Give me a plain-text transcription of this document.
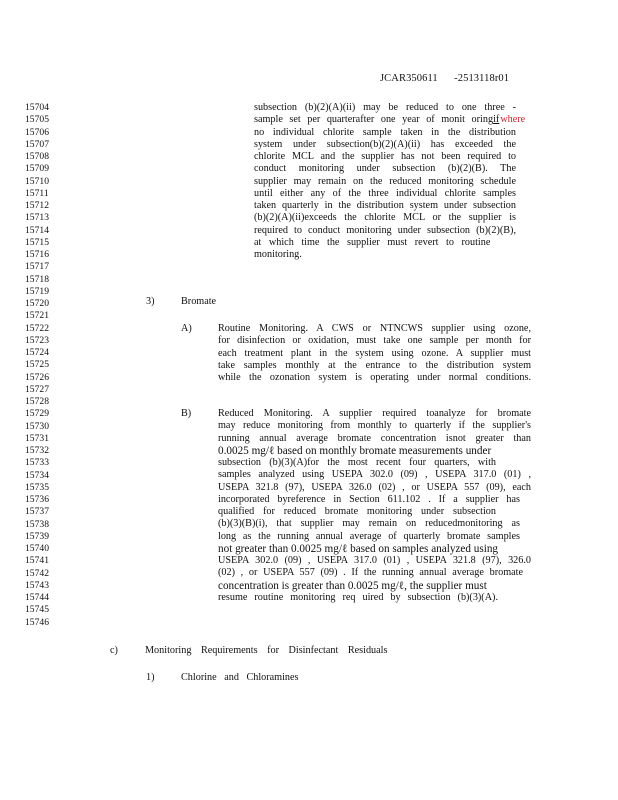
JCAR350611 -2513118r01
15704
15705
15706
15707
15708
15709
15710
15711
15712
15713
15714
15715
15716
15717
15718
15719
15720
15721
15722
15723
15724
15725
15726
15727
15728
15729
15730
15731
15732
15733
15734
15735
15736
15737
15738
15739
15740
15741
15742
15743
15744
15745
15746
subsection (b)(2)(A)(ii) may be reduced to one three -
sample set per quarterafter one year of monit oring ifwhere
no individual chlorite sample taken in the distribution
system under subsection(b)(2)(A)(ii) has exceeded the
chlorite MCL and the supplier has not been required to
conduct monitoring under subsection (b)(2)(B). The
supplier may remain on the reduced monitoring schedule
until either any of the three individual chlorite samples
taken quarterly in the distribution system under subsection
(b)(2)(A)(ii)exceeds the chlorite MCL or the supplier is
required to conduct monitoring under subsection (b)(2)(B),
at which time the supplier must revert to routine
monitoring.
3)	Bromate
A)	Routine Monitoring. A CWS or NTNCWS supplier using ozone,
for disinfection or oxidation, must take one sample per month for
each treatment plant in the system using ozone. A supplier must
take samples monthly at the entrance to the distribution system
while the ozonation system is operating under normal conditions.
B)	Reduced Monitoring. A supplier required toanalyze for bromate
may reduce monitoring from monthly to quarterly if the supplier's
running annual average bromate concentration isnot greater than
0.0025 mg/ℓ based on monthly bromate measurements under
subsection (b)(3)(A)for the most recent four quarters, with
samples analyzed using USEPA 302.0 (09) , USEPA 317.0 (01) ,
USEPA 321.8 (97), USEPA 326.0 (02) , or USEPA 557 (09), each
incorporated byreference in Section 611.102 . If a supplier has
qualified for reduced bromate monitoring under subsection
(b)(3)(B)(i), that supplier may remain on reducedmonitoring as
long as the running annual average of quarterly bromate samples
not greater than 0.0025 mg/ℓ based on samples analyzed using
USEPA 302.0 (09) , USEPA 317.0 (01) , USEPA 321.8 (97), 326.0
(02) , or USEPA 557 (09) . If the running annual average bromate
concentration is greater than 0.0025 mg/ℓ, the supplier must
resume routine monitoring req uired by subsection (b)(3)(A).
c)	Monitoring Requirements for Disinfectant Residuals
1)	Chlorine and Chloramines
